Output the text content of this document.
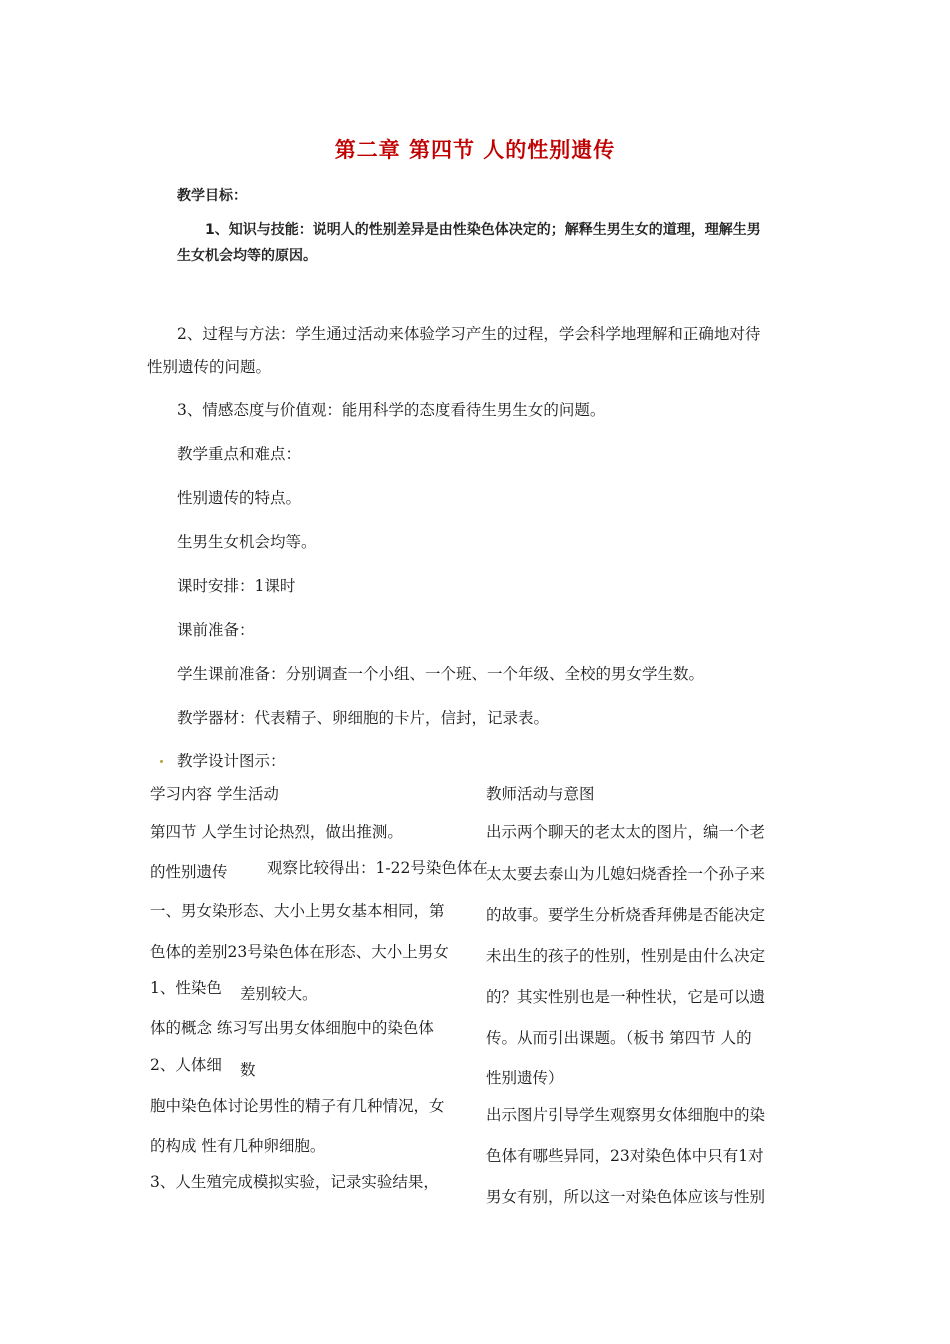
第二章 第四节 人的性别遗传
教学目标：
1、知识与技能：说明人的性别差异是由性染色体决定的；解释生男生女的道理，理解生男
生女机会均等的原因。
2、过程与方法：学生通过活动来体验学习产生的过程，学会科学地理解和正确地对待
性别遗传的问题。
3、情感态度与价值观：能用科学的态度看待生男生女的问题。
教学重点和难点：
性别遗传的特点。
生男生女机会均等。
课时安排：1课时
课前准备：
学生课前准备：分别调查一个小组、一个班、一个年级、全校的男女学生数。
教学器材：代表精子、卵细胞的卡片，信封，记录表。
教学设计图示：
学习内容 学生活动
第四节 人学生讨论热烈，做出推测。
的性别遗传	观察比较得出：1-22号染色体在
一、男女染形态、大小上男女基本相同，第
色体的差别23号染色体在形态、大小上男女
1、性染色 差别较大。
体的概念 练习写出男女体细胞中的染色体
2、人体细 数
胞中染色体讨论男性的精子有几种情况，女
的构成 性有几种卵细胞。
3、人生殖完成模拟实验，记录实验结果，
教师活动与意图
出示两个聊天的老太太的图片，编一个老
太太要去泰山为儿媳妇烧香拴一个孙子来
的故事。要学生分析烧香拜佛是否能决定
未出生的孩子的性别，性别是由什么决定
的？其实性别也是一种性状，它是可以遗
传。从而引出课题。（板书 第四节 人的
性别遗传）
出示图片引导学生观察男女体细胞中的染
色体有哪些异同，23对染色体中只有1对
男女有别，所以这一对染色体应该与性别
